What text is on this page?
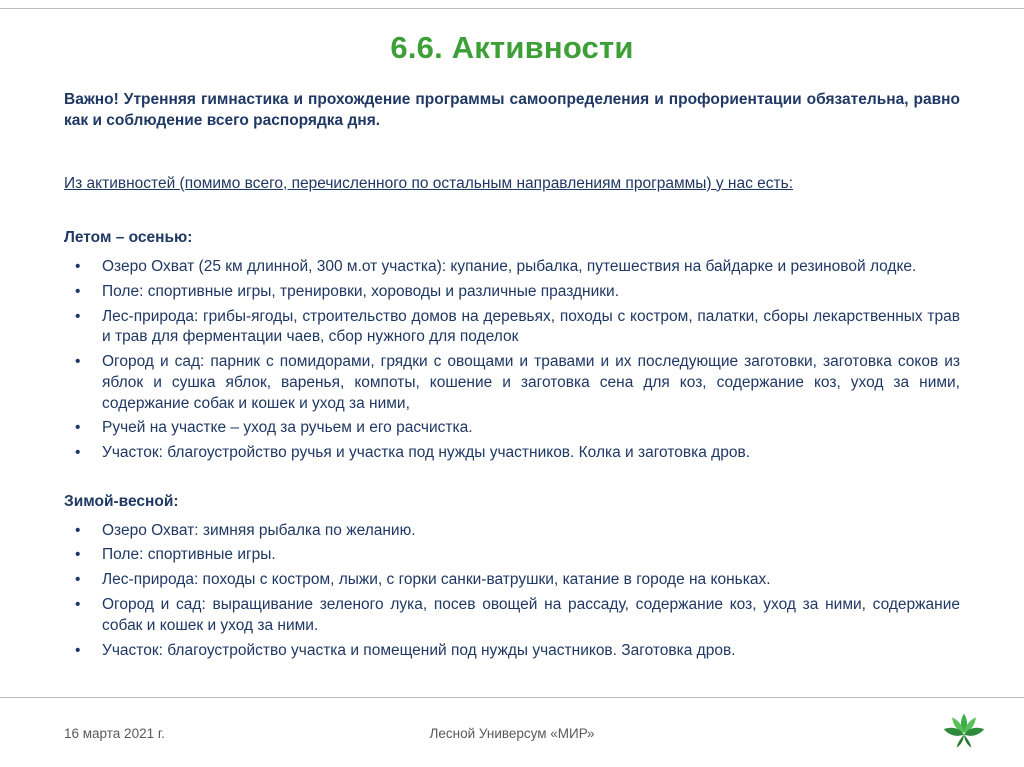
6.6. Активности

Важно! Утренняя гимнастика и прохождение программы самоопределения и профориентации обязательна, равно как и соблюдение всего распорядка дня.

Из активностей (помимо всего, перечисленного по остальным направлениям программы) у нас есть:

Летом – осенью:

• Озеро Охват (25 км длинной, 300 м.от участка): купание, рыбалка, путешествия на байдарке и резиновой лодке.
• Поле: спортивные игры, тренировки, хороводы и различные праздники.
• Лес-природа: грибы-ягоды, строительство домов на деревьях, походы с костром, палатки, сборы лекарственных трав и трав для ферментации чаев, сбор нужного для поделок
• Огород и сад: парник с помидорами, грядки с овощами и травами и их последующие заготовки, заготовка соков из яблок и сушка яблок, варенья, компоты, кошение и заготовка сена для коз, содержание коз, уход за ними, содержание собак и кошек и уход за ними,
• Ручей на участке – уход за ручьем и его расчистка.
• Участок: благоустройство ручья и участка под нужды участников. Колка и заготовка дров.

Зимой-весной:

• Озеро Охват: зимняя рыбалка по желанию.
• Поле: спортивные игры.
• Лес-природа: походы с костром, лыжи, с горки санки-ватрушки, катание в городе на коньках.
• Огород и сад: выращивание зеленого лука, посев овощей на рассаду, содержание коз, уход за ними, содержание собак и кошек и уход за ними.
• Участок: благоустройство участка и помещений под нужды участников. Заготовка дров.
16 марта 2021 г.	Лесной Универсум «МИР»
